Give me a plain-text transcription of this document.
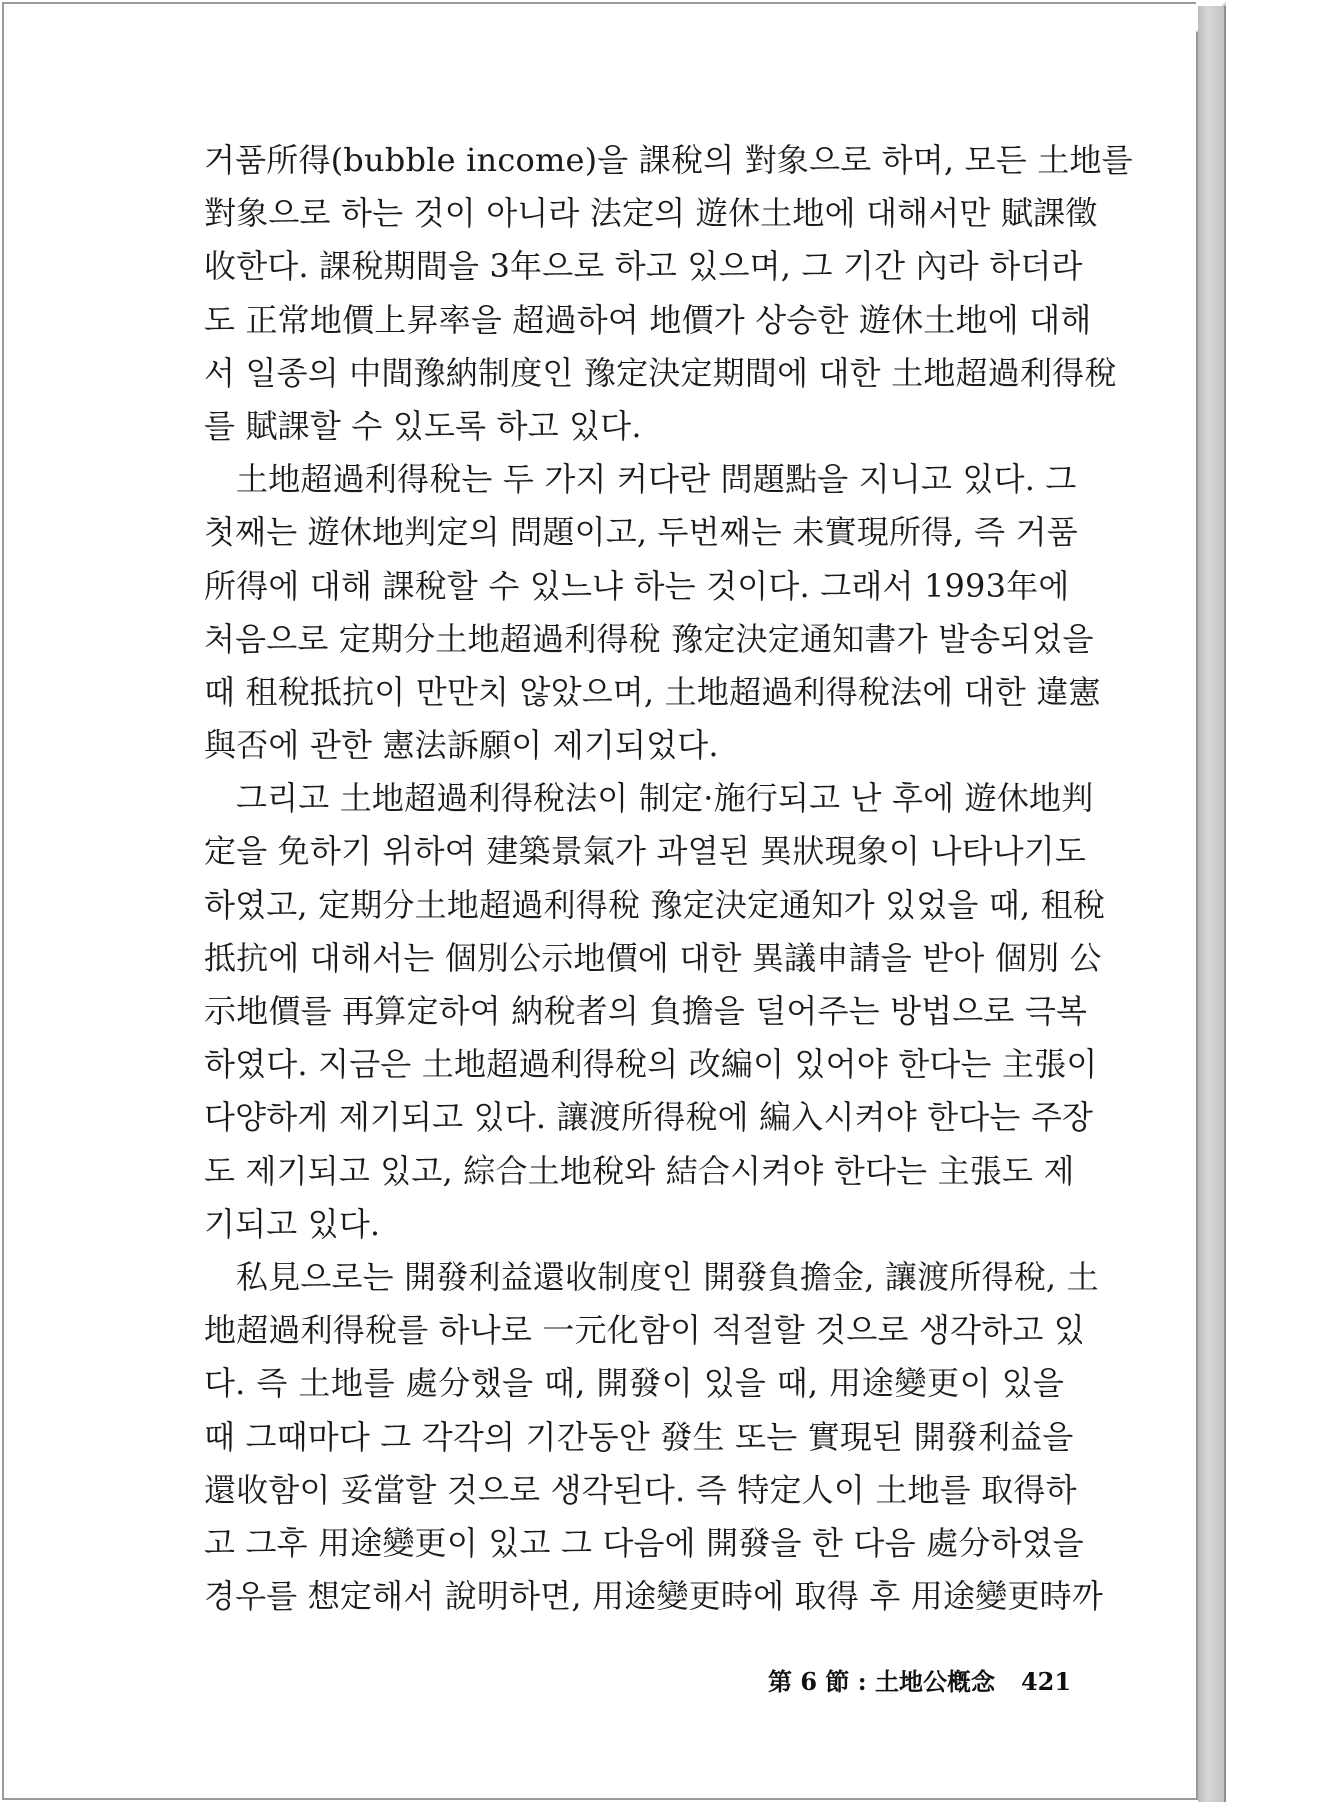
거품所得(bubble income)을 課稅의 對象으로 하며, 모든 土地를
對象으로 하는 것이 아니라 法定의 遊休土地에 대해서만 賦課徵
收한다. 課稅期間을 3年으로 하고 있으며, 그 기간 內라 하더라
도 正常地價上昇率을 超過하여 地價가 상승한 遊休土地에 대해
서 일종의 中間豫納制度인 豫定決定期間에 대한 土地超過利得稅
를 賦課할 수 있도록 하고 있다.
土地超過利得稅는 두 가지 커다란 問題點을 지니고 있다. 그
첫째는 遊休地判定의 問題이고, 두번째는 未實現所得, 즉 거품
所得에 대해 課稅할 수 있느냐 하는 것이다. 그래서 1993年에
처음으로 定期分土地超過利得稅 豫定決定通知書가 발송되었을
때 租稅抵抗이 만만치 않았으며, 土地超過利得稅法에 대한 違憲
與否에 관한 憲法訴願이 제기되었다.
그리고 土地超過利得稅法이 制定·施行되고 난 후에 遊休地判
定을 免하기 위하여 建築景氣가 과열된 異狀現象이 나타나기도
하였고, 定期分土地超過利得稅 豫定決定通知가 있었을 때, 租稅
抵抗에 대해서는 個別公示地價에 대한 異議申請을 받아 個別 公
示地價를 再算定하여 納稅者의 負擔을 덜어주는 방법으로 극복
하였다. 지금은 土地超過利得稅의 改編이 있어야 한다는 主張이
다양하게 제기되고 있다. 讓渡所得稅에 編入시켜야 한다는 주장
도 제기되고 있고, 綜合土地稅와 結合시켜야 한다는 主張도 제
기되고 있다.
私見으로는 開發利益還收制度인 開發負擔金, 讓渡所得稅, 土
地超過利得稅를 하나로 一元化함이 적절할 것으로 생각하고 있
다. 즉 土地를 處分했을 때, 開發이 있을 때, 用途變更이 있을
때 그때마다 그 각각의 기간동안 發生 또는 實現된 開發利益을
還收함이 妥當할 것으로 생각된다. 즉 特定人이 土地를 取得하
고 그후 用途變更이 있고 그 다음에 開發을 한 다음 處分하였을
경우를 想定해서 說明하면, 用途變更時에 取得 후 用途變更時까
第 6 節 : 土地公槪念 421
